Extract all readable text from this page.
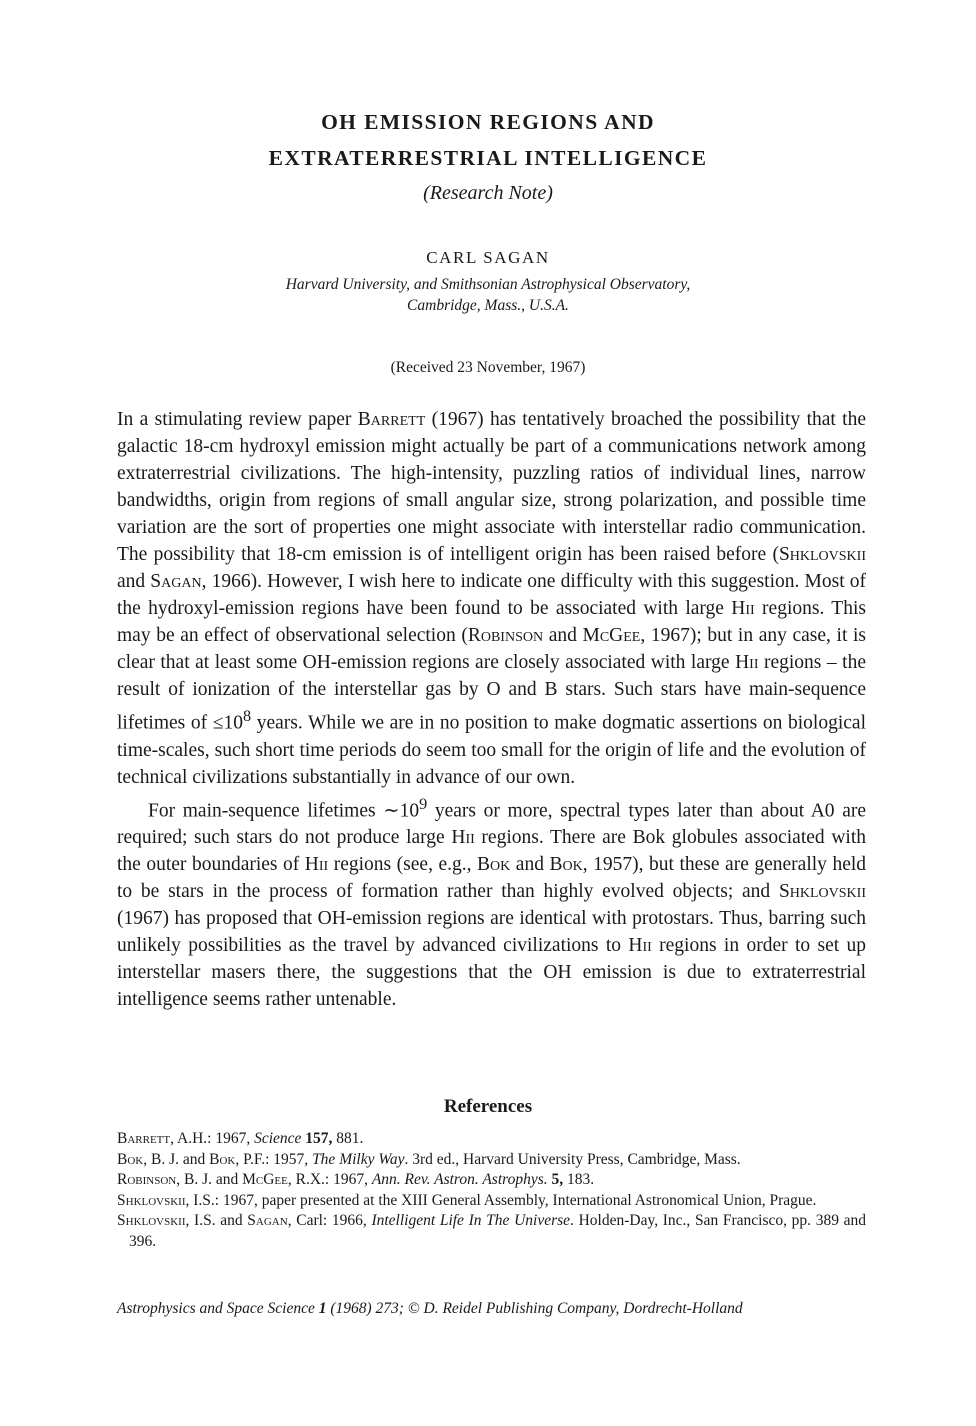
OH EMISSION REGIONS AND
EXTRATERRESTRIAL INTELLIGENCE
(Research Note)
CARL SAGAN
Harvard University, and Smithsonian Astrophysical Observatory,
Cambridge, Mass., U.S.A.
(Received 23 November, 1967)

In a stimulating review paper Barrett (1967) has tentatively broached the possibility that the galactic 18-cm hydroxyl emission might actually be part of a communications network among extraterrestrial civilizations. The high-intensity, puzzling ratios of individual lines, narrow bandwidths, origin from regions of small angular size, strong polarization, and possible time variation are the sort of properties one might associate with interstellar radio communication. The possibility that 18-cm emission is of intelligent origin has been raised before (Shklovskii and Sagan, 1966). However, I wish here to indicate one difficulty with this suggestion. Most of the hydroxyl-emission regions have been found to be associated with large Hii regions. This may be an effect of observational selection (Robinson and McGee, 1967); but in any case, it is clear that at least some OH-emission regions are closely associated with large Hii regions – the result of ionization of the interstellar gas by O and B stars. Such stars have main-sequence lifetimes of $\le 10^8$ years. While we are in no position to make dogmatic assertions on biological time-scales, such short time periods do seem too small for the origin of life and the evolution of technical civilizations substantially in advance of our own.

For main-sequence lifetimes $\sim 10^9$ years or more, spectral types later than about A0 are required; such stars do not produce large Hii regions. There are Bok globules associated with the outer boundaries of Hii regions (see, e.g., Bok and Bok, 1957), but these are generally held to be stars in the process of formation rather than highly evolved objects; and Shklovskii (1967) has proposed that OH-emission regions are identical with protostars. Thus, barring such unlikely possibilities as the travel by advanced civilizations to Hii regions in order to set up interstellar masers there, the suggestions that the OH emission is due to extraterrestrial intelligence seems rather untenable.

References
Barrett, A.H.: 1967, Science 157, 881.
Bok, B. J. and Bok, P.F.: 1957, The Milky Way. 3rd ed., Harvard University Press, Cambridge, Mass.
Robinson, B. J. and McGee, R.X.: 1967, Ann. Rev. Astron. Astrophys. 5, 183.
Shklovskii, I.S.: 1967, paper presented at the XIII General Assembly, International Astronomical Union, Prague.
Shklovskii, I.S. and Sagan, Carl: 1966, Intelligent Life In The Universe. Holden-Day, Inc., San Francisco, pp. 389 and 396.
Astrophysics and Space Science 1 (1968) 273; © D. Reidel Publishing Company, Dordrecht-Holland
